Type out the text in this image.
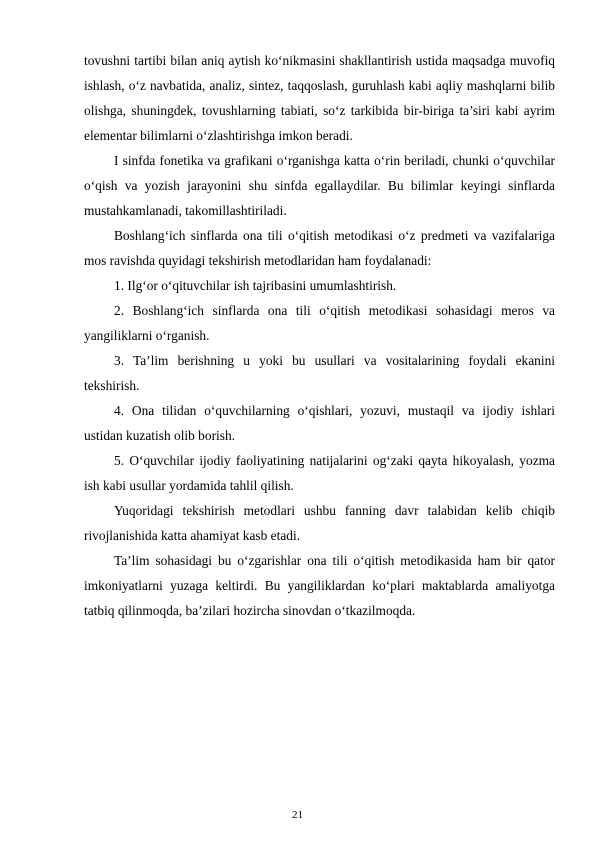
tovushni tartibi bilan aniq aytish ko‘nikmasini shakllantirish ustida maqsadga muvofiq ishlash, o‘z navbatida, analiz, sintez, taqqoslash, guruhlash kabi aqliy mashqlarni bilib olishga, shuningdek, tovushlarning tabiati, so‘z tarkibida bir-biriga ta’siri kabi ayrim elementar bilimlarni o‘zlashtirishga imkon beradi.

I sinfda fonetika va grafikani o‘rganishga katta o‘rin beriladi, chunki o‘quvchilar o‘qish va yozish jarayonini shu sinfda egallaydilar. Bu bilimlar keyingi sinflarda mustahkamlanadi, takomillashtiriladi.

Boshlang‘ich sinflarda ona tili o‘qitish metodikasi o‘z predmeti va vazifalariga mos ravishda quyidagi tekshirish metodlaridan ham foydalanadi:

1. Ilg‘or o‘qituvchilar ish tajribasini umumlashtirish.

2. Boshlang‘ich sinflarda ona tili o‘qitish metodikasi sohasidagi meros va yangiliklarni o‘rganish.

3. Ta’lim berishning u yoki bu usullari va vositalarining foydali ekanini tekshirish.

4. Ona tilidan o‘quvchilarning o‘qishlari, yozuvi, mustaqil va ijodiy ishlari ustidan kuzatish olib borish.

5. O‘quvchilar ijodiy faoliyatining natijalarini og‘zaki qayta hikoyalash, yozma ish kabi usullar yordamida tahlil qilish.

Yuqoridagi tekshirish metodlari ushbu fanning davr talabidan kelib chiqib rivojlanishida katta ahamiyat kasb etadi.

Ta’lim sohasidagi bu o‘zgarishlar ona tili o‘qitish metodikasida ham bir qator imkoniyatlarni yuzaga keltirdi. Bu yangiliklardan ko‘plari maktablarda amaliyotga tatbiq qilinmoqda, ba’zilari hozircha sinovdan o‘tkazilmoqda.

21
